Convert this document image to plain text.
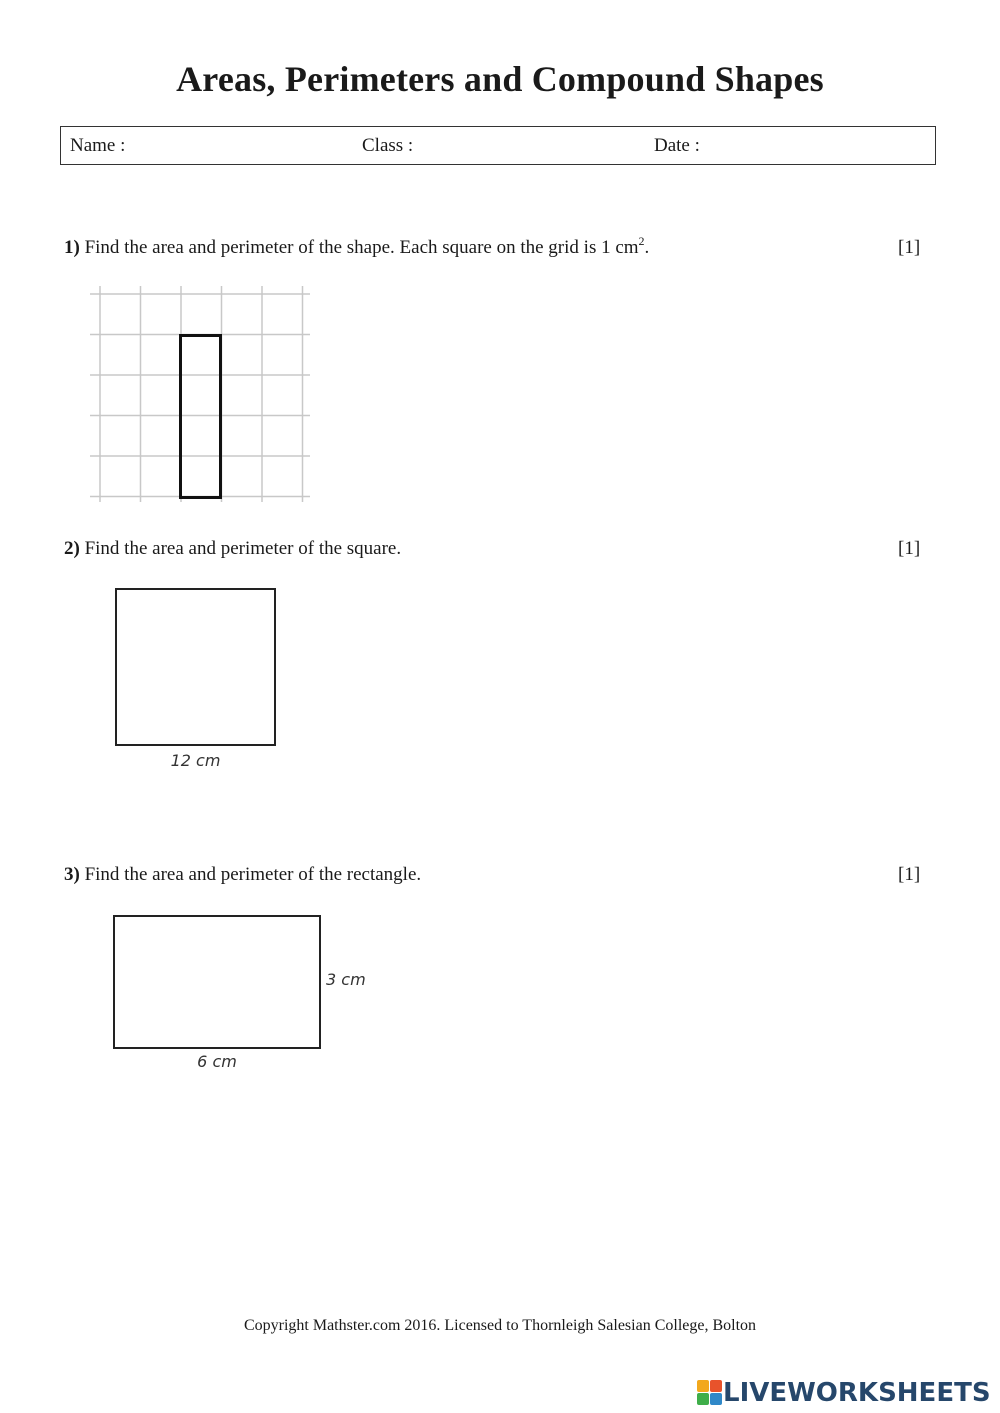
Areas, Perimeters and Compound Shapes
Name :	Class :	Date :
1) Find the area and perimeter of the shape. Each square on the grid is 1 $cm^2$.	[1]
2) Find the area and perimeter of the square.	[1]
12 cm
3) Find the area and perimeter of the rectangle.	[1]
3 cm
6 cm
Copyright Mathster.com 2016. Licensed to Thornleigh Salesian College, Bolton
LIVEWORKSHEETS
